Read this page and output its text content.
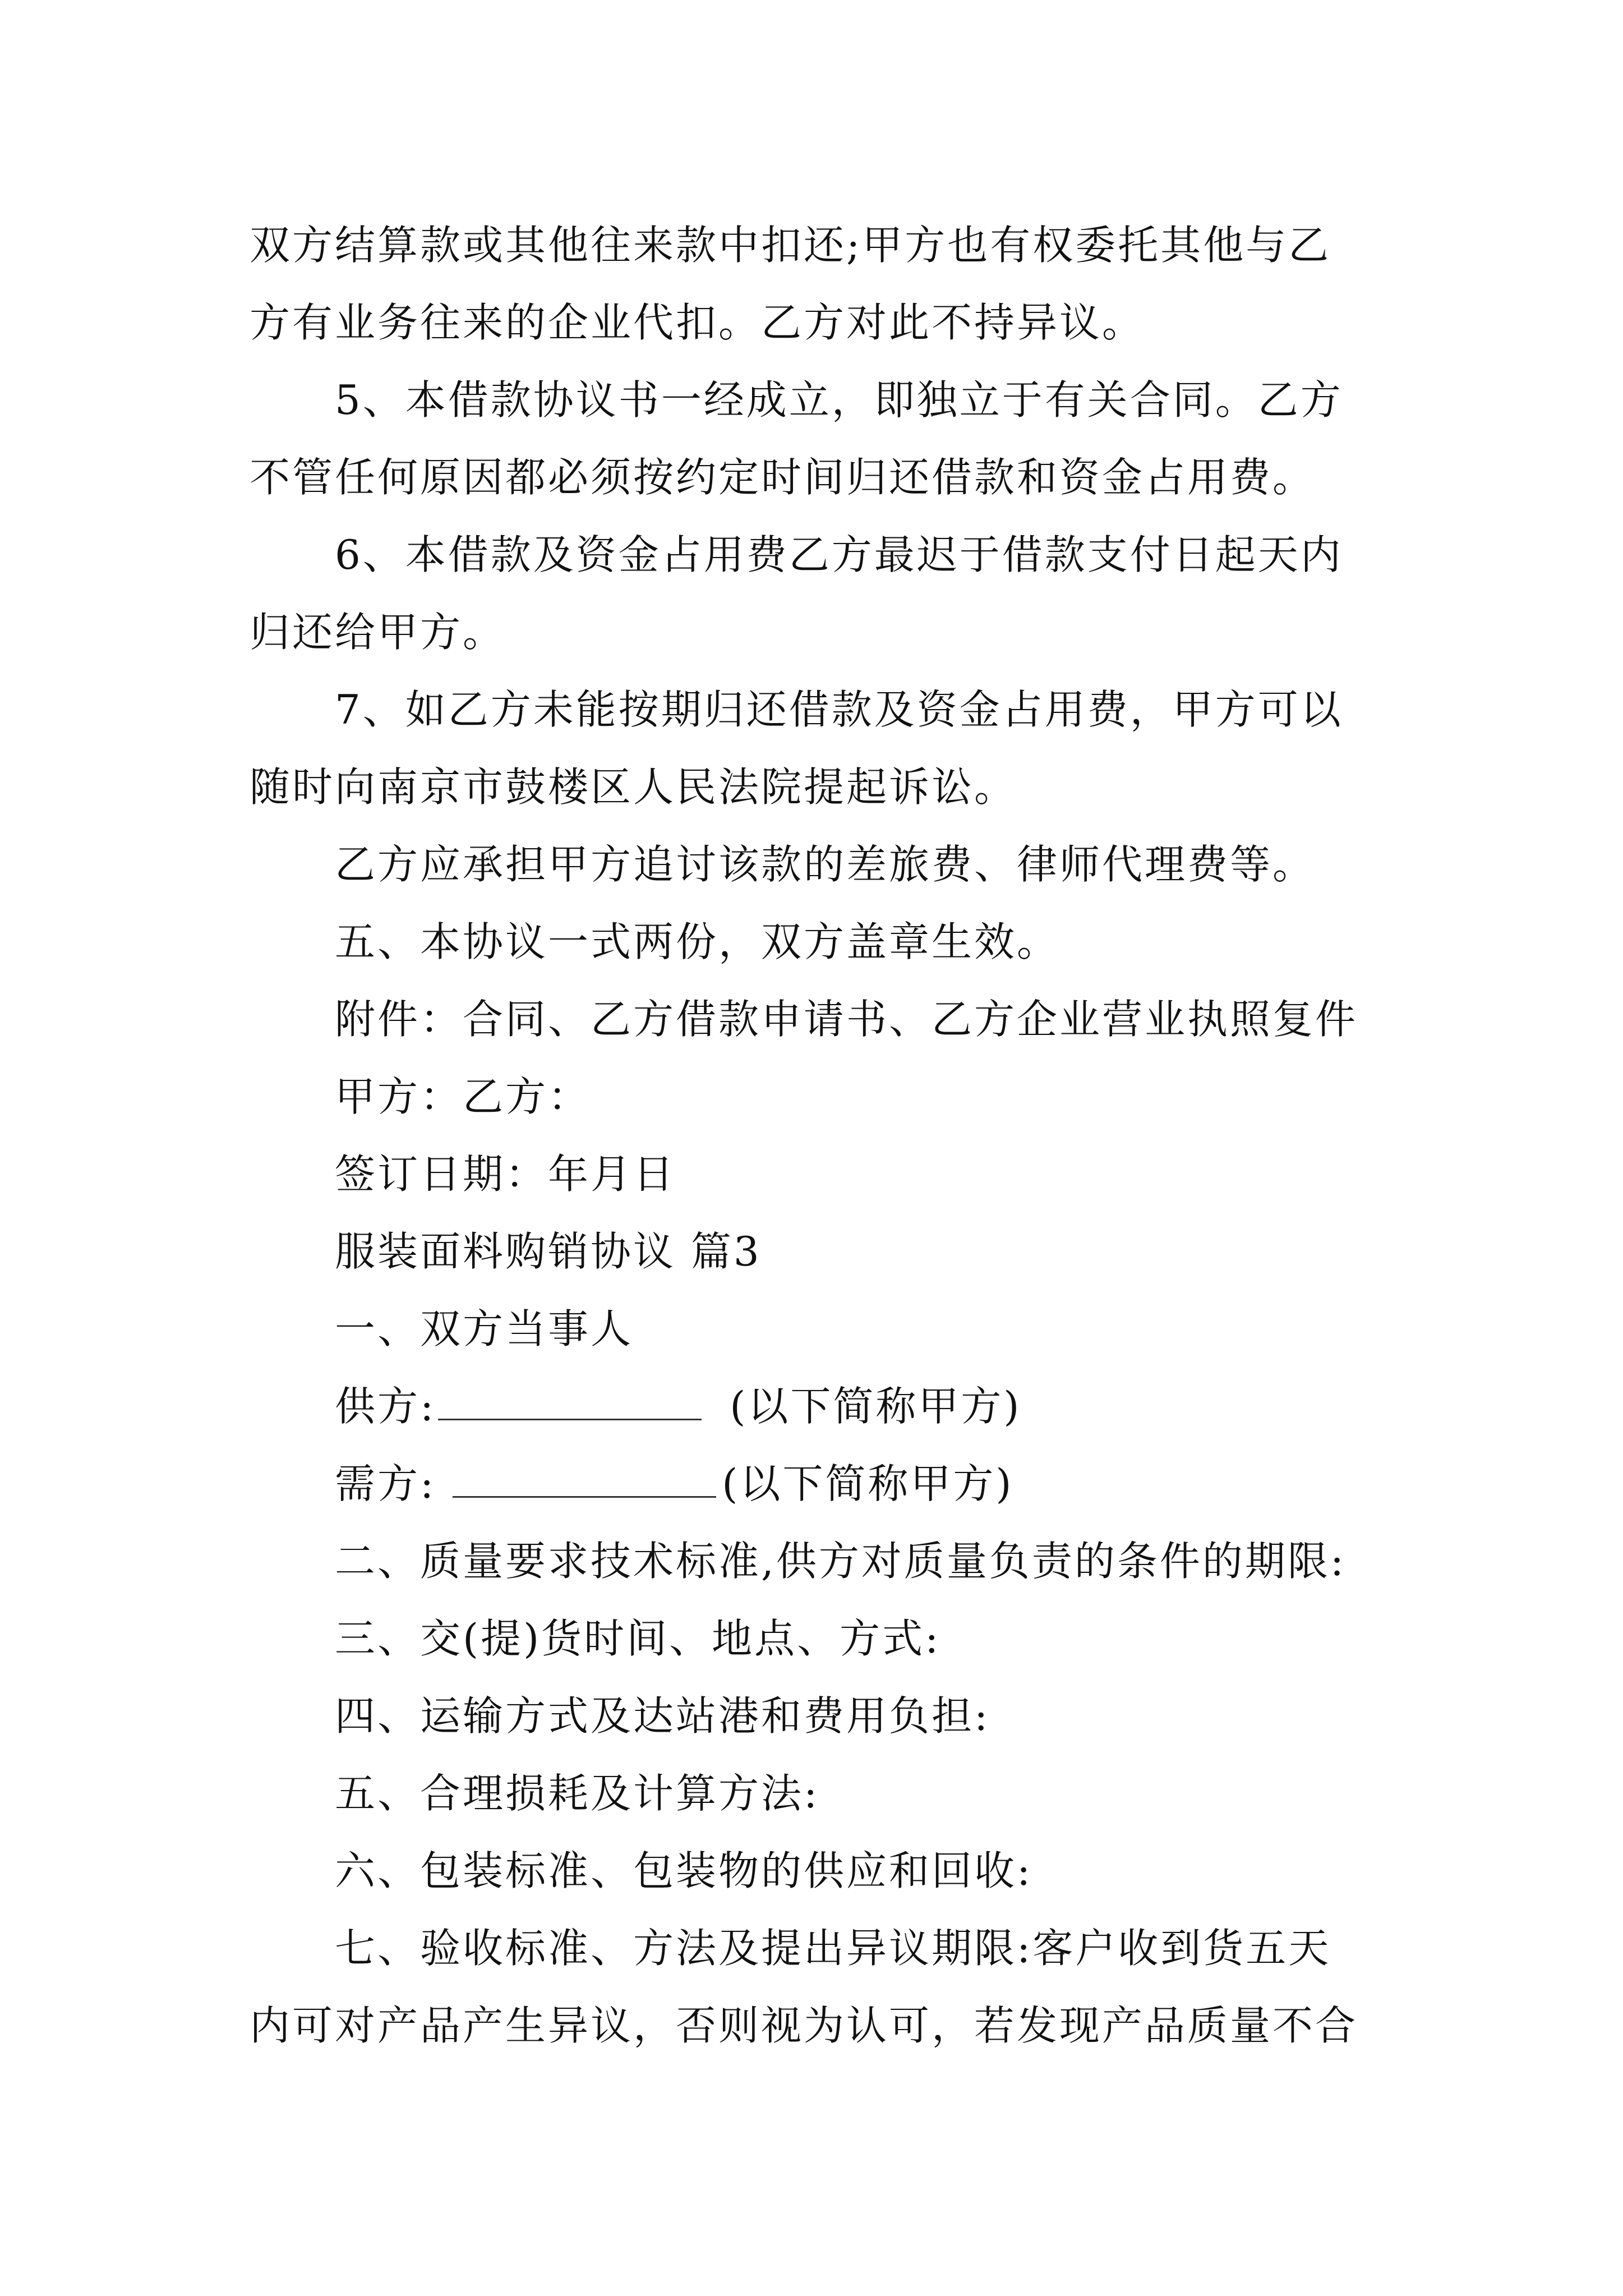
双方结算款或其他往来款中扣还;甲方也有权委托其他与乙

方有业务往来的企业代扣。乙方对此不持异议。

5、本借款协议书一经成立，即独立于有关合同。乙方

不管任何原因都必须按约定时间归还借款和资金占用费。

6、本借款及资金占用费乙方最迟于借款支付日起天内

归还给甲方。

7、如乙方未能按期归还借款及资金占用费，甲方可以

随时向南京市鼓楼区人民法院提起诉讼。

乙方应承担甲方追讨该款的差旅费、律师代理费等。

五、本协议一式两份，双方盖章生效。

附件：合同、乙方借款申请书、乙方企业营业执照复件

甲方：乙方：

签订日期：年月日

服装面料购销协议 篇3

一、双方当事人

供方:	(以下简称甲方)

需方:	(以下简称甲方)

二、质量要求技术标准,供方对质量负责的条件的期限:

三、交(提)货时间、地点、方式:

四、运输方式及达站港和费用负担:

五、合理损耗及计算方法:

六、包装标准、包装物的供应和回收:

七、验收标准、方法及提出异议期限:客户收到货五天

内可对产品产生异议，否则视为认可，若发现产品质量不合
